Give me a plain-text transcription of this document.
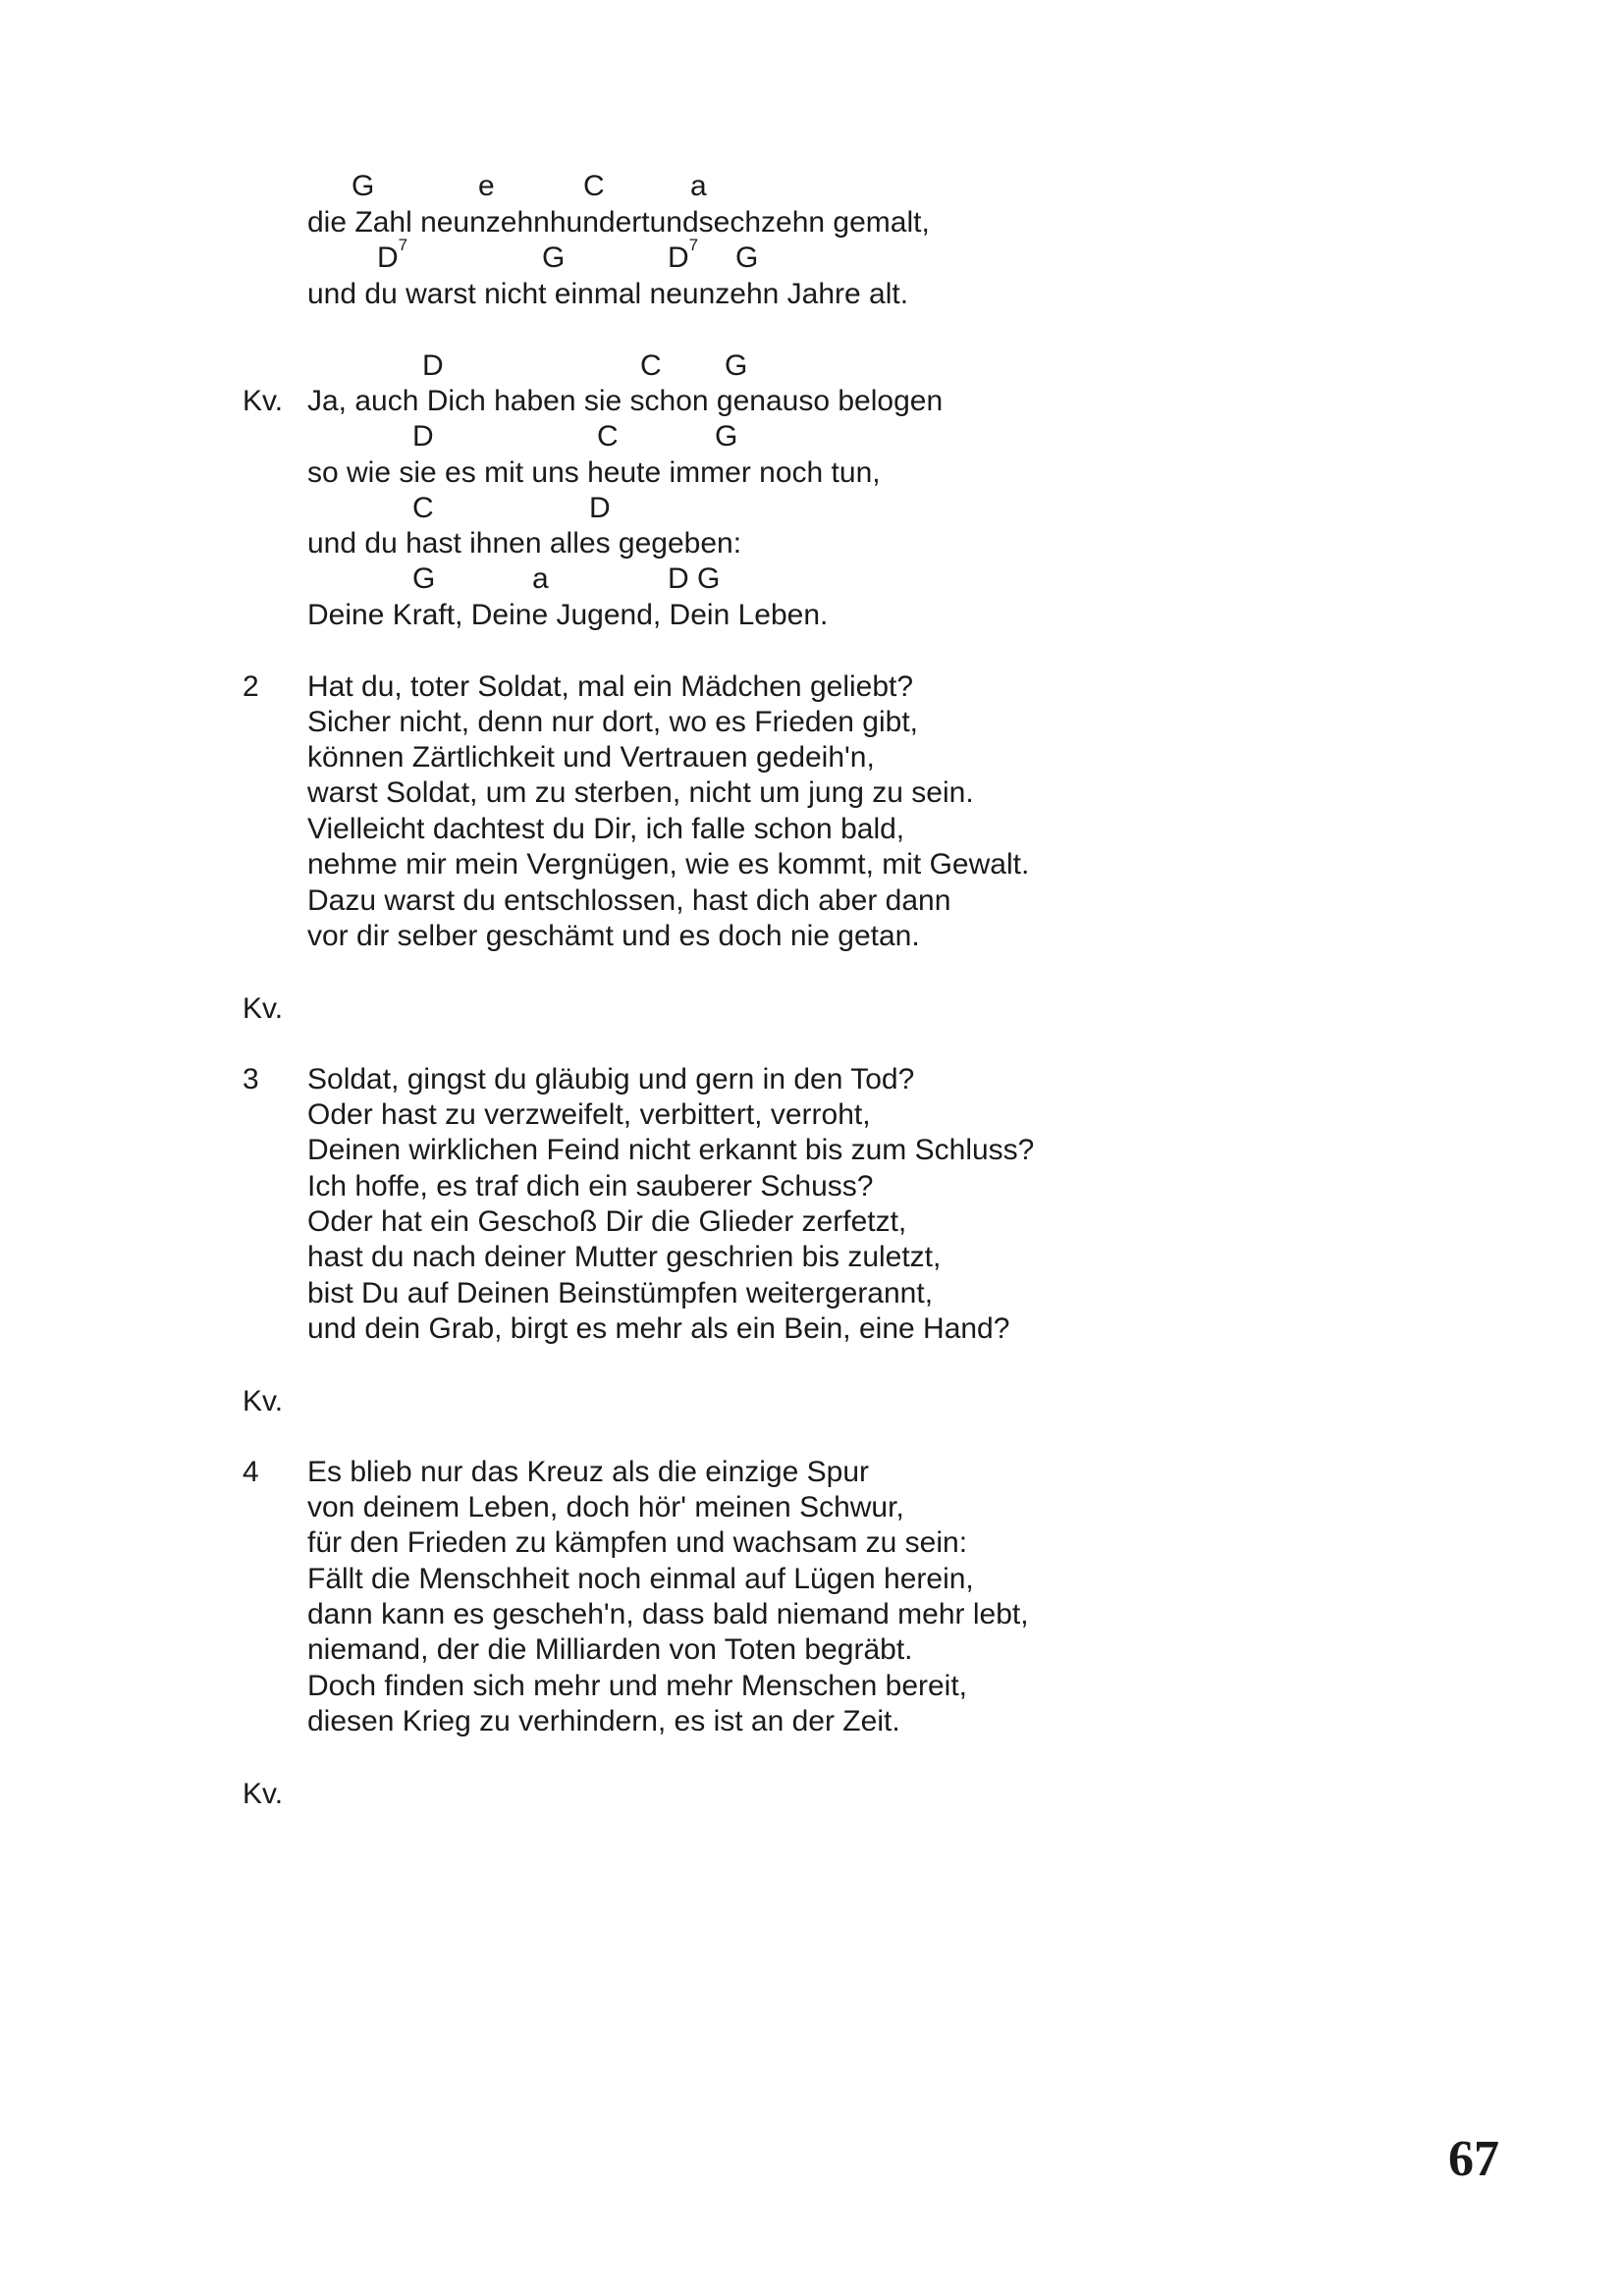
G	e	C	a
$D^7$	G	$D^7$ G
die Zahl neunzehnhundertundsechzehn gemalt,
und du warst nicht einmal neunzehn Jahre alt.
D	C G
Kv. Ja, auch Dich haben sie schon genauso belogen
D	C	G
so wie sie es mit uns heute immer noch tun,
C	D
und du hast ihnen alles gegeben:
G	a	D G
Deine Kraft, Deine Jugend, Dein Leben.
2 Hat du, toter Soldat, mal ein Mädchen geliebt?
Sicher nicht, denn nur dort, wo es Frieden gibt,
können Zärtlichkeit und Vertrauen gedeih'n,
warst Soldat, um zu sterben, nicht um jung zu sein.
Vielleicht dachtest du Dir, ich falle schon bald,
nehme mir mein Vergnügen, wie es kommt, mit Gewalt.
Dazu warst du entschlossen, hast dich aber dann
vor dir selber geschämt und es doch nie getan.
Kv.
3 Soldat, gingst du gläubig und gern in den Tod?
Oder hast zu verzweifelt, verbittert, verroht,
Deinen wirklichen Feind nicht erkannt bis zum Schluss?
Ich hoffe, es traf dich ein sauberer Schuss?
Oder hat ein Geschoß Dir die Glieder zerfetzt,
hast du nach deiner Mutter geschrien bis zuletzt,
bist Du auf Deinen Beinstümpfen weitergerannt,
und dein Grab, birgt es mehr als ein Bein, eine Hand?
Kv.
4 Es blieb nur das Kreuz als die einzige Spur
von deinem Leben, doch hör' meinen Schwur,
für den Frieden zu kämpfen und wachsam zu sein:
Fällt die Menschheit noch einmal auf Lügen herein,
dann kann es gescheh'n, dass bald niemand mehr lebt,
niemand, der die Milliarden von Toten begräbt.
Doch finden sich mehr und mehr Menschen bereit,
diesen Krieg zu verhindern, es ist an der Zeit.
Kv.
67
